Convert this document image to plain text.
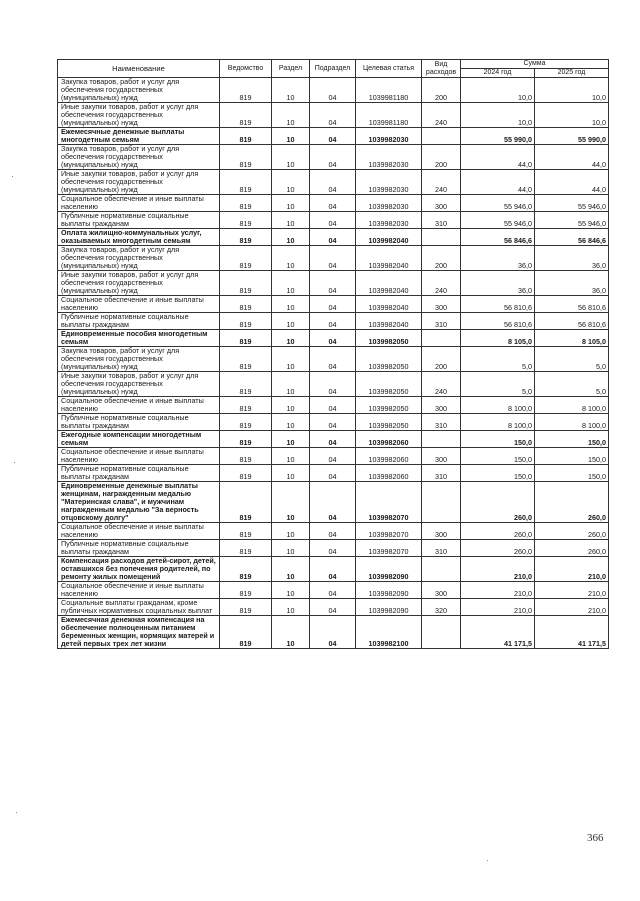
Наименование	Ведомство	Раздел	Подраздел	Целевая статья	Вид расходов	Сумма	
						2024 год	2025 год
Закупка товаров, работ и услуг для обеспечения государственных (муниципальных) нужд	819	10	04	1039981180	200	10,0	10,0
Иные закупки товаров, работ и услуг для обеспечения государственных (муниципальных) нужд	819	10	04	1039981180	240	10,0	10,0
Ежемесячные денежные выплаты многодетным семьям	819	10	04	1039982030		55 990,0	55 990,0
Закупка товаров, работ и услуг для обеспечения государственных (муниципальных) нужд	819	10	04	1039982030	200	44,0	44,0
Иные закупки товаров, работ и услуг для обеспечения государственных (муниципальных) нужд	819	10	04	1039982030	240	44,0	44,0
Социальное обеспечение и иные выплаты населению	819	10	04	1039982030	300	55 946,0	55 946,0
Публичные нормативные социальные выплаты гражданам	819	10	04	1039982030	310	55 946,0	55 946,0
Оплата жилищно-коммунальных услуг, оказываемых многодетным семьям	819	10	04	1039982040		56 846,6	56 846,6
Закупка товаров, работ и услуг для обеспечения государственных (муниципальных) нужд	819	10	04	1039982040	200	36,0	36,0
Иные закупки товаров, работ и услуг для обеспечения государственных (муниципальных) нужд	819	10	04	1039982040	240	36,0	36,0
Социальное обеспечение и иные выплаты населению	819	10	04	1039982040	300	56 810,6	56 810,6
Публичные нормативные социальные выплаты гражданам	819	10	04	1039982040	310	56 810,6	56 810,6
Единовременные пособия многодетным семьям	819	10	04	1039982050		8 105,0	8 105,0
Закупка товаров, работ и услуг для обеспечения государственных (муниципальных) нужд	819	10	04	1039982050	200	5,0	5,0
Иные закупки товаров, работ и услуг для обеспечения государственных (муниципальных) нужд	819	10	04	1039982050	240	5,0	5,0
Социальное обеспечение и иные выплаты населению	819	10	04	1039982050	300	8 100,0	8 100,0
Публичные нормативные социальные выплаты гражданам	819	10	04	1039982050	310	8 100,0	8 100,0
Ежегодные компенсации многодетным семьям	819	10	04	1039982060		150,0	150,0
Социальное обеспечение и иные выплаты населению	819	10	04	1039982060	300	150,0	150,0
Публичные нормативные социальные выплаты гражданам	819	10	04	1039982060	310	150,0	150,0
Единовременные денежные выплаты женщинам, награжденным медалью "Материнская слава", и мужчинам награжденным медалью "За верность отцовскому долгу"	819	10	04	1039982070		260,0	260,0
Социальное обеспечение и иные выплаты населению	819	10	04	1039982070	300	260,0	260,0
Публичные нормативные социальные выплаты гражданам	819	10	04	1039982070	310	260,0	260,0
Компенсация расходов детей-сирот, детей, оставшихся без попечения родителей, по ремонту жилых помещений	819	10	04	1039982090		210,0	210,0
Социальное обеспечение и иные выплаты населению	819	10	04	1039982090	300	210,0	210,0
Социальные выплаты гражданам, кроме публичных нормативных социальных выплат	819	10	04	1039982090	320	210,0	210,0
Ежемесячная денежная компенсация на обеспечение полноценным питанием беременных женщин, кормящих матерей и детей первых трех лет жизни	819	10	04	1039982100		41 171,5	41 171,5
366
